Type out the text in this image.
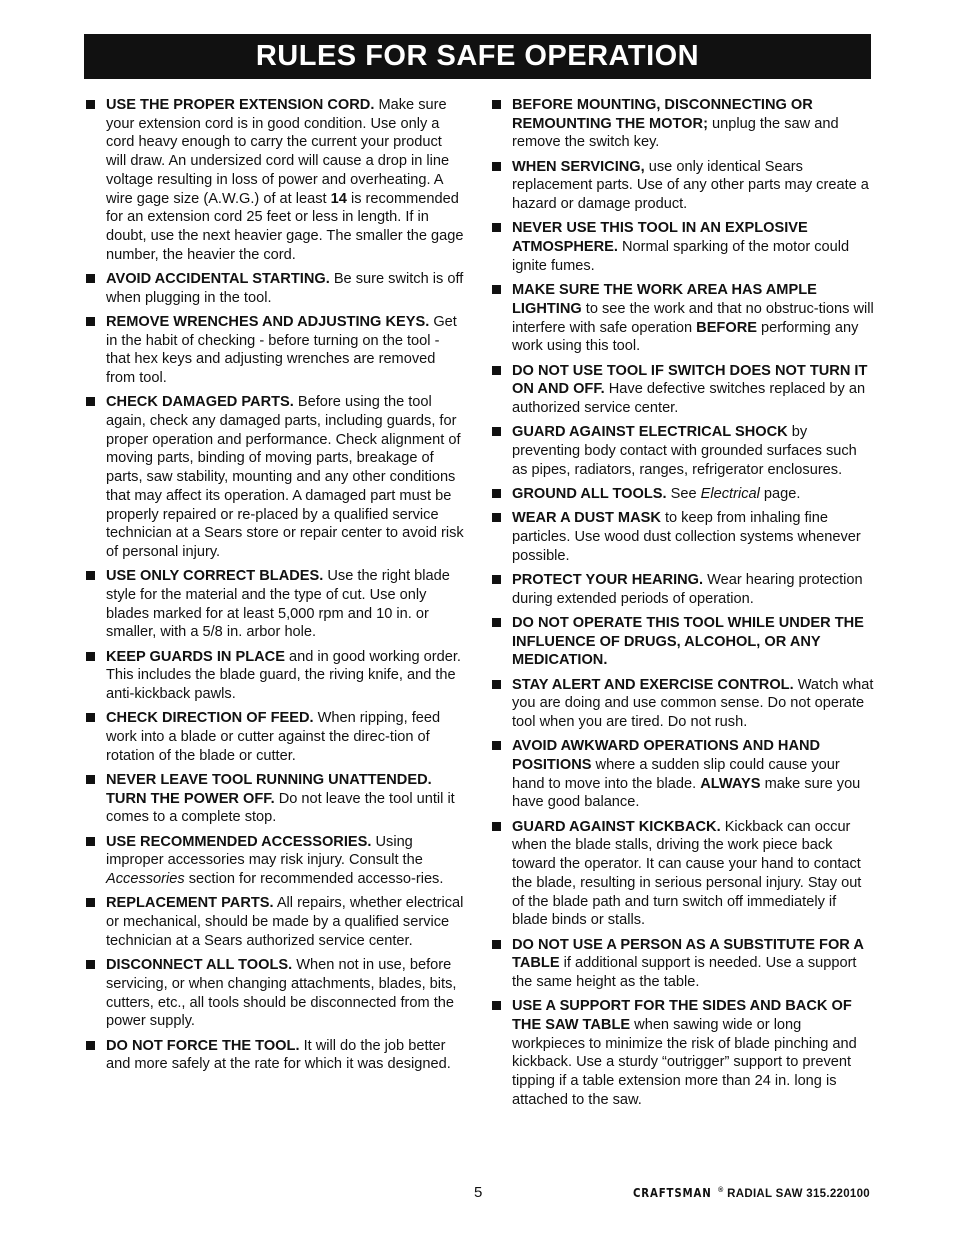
RULES FOR SAFE OPERATION
USE THE PROPER EXTENSION CORD. Make sure your extension cord is in good condition. Use only a cord heavy enough to carry the current your product will draw. An undersized cord will cause a drop in line voltage resulting in loss of power and overheating. A wire gage size (A.W.G.) of at least 14 is recommended for an extension cord 25 feet or less in length. If in doubt, use the next heavier gage. The smaller the gage number, the heavier the cord.
AVOID ACCIDENTAL STARTING. Be sure switch is off when plugging in the tool.
REMOVE WRENCHES AND ADJUSTING KEYS. Get in the habit of checking - before turning on the tool - that hex keys and adjusting wrenches are removed from tool.
CHECK DAMAGED PARTS. Before using the tool again, check any damaged parts, including guards, for proper operation and performance. Check alignment of moving parts, binding of moving parts, breakage of parts, saw stability, mounting and any other conditions that may affect its operation. A damaged part must be properly repaired or re-placed by a qualified service technician at a Sears store or repair center to avoid risk of personal injury.
USE ONLY CORRECT BLADES. Use the right blade style for the material and the type of cut. Use only blades marked for at least 5,000 rpm and 10 in. or smaller, with a 5/8 in. arbor hole.
KEEP GUARDS IN PLACE and in good working order. This includes the blade guard, the riving knife, and the anti-kickback pawls.
CHECK DIRECTION OF FEED. When ripping, feed work into a blade or cutter against the direc-tion of rotation of the blade or cutter.
NEVER LEAVE TOOL RUNNING UNATTENDED. TURN THE POWER OFF. Do not leave the tool until it comes to a complete stop.
USE RECOMMENDED ACCESSORIES. Using improper accessories may risk injury. Consult the Accessories section for recommended accesso-ries.
REPLACEMENT PARTS. All repairs, whether electrical or mechanical, should be made by a qualified service technician at a Sears authorized service center.
DISCONNECT ALL TOOLS. When not in use, before servicing, or when changing attachments, blades, bits, cutters, etc., all tools should be disconnected from the power supply.
DO NOT FORCE THE TOOL. It will do the job better and more safely at the rate for which it was designed.
BEFORE MOUNTING, DISCONNECTING OR REMOUNTING THE MOTOR; unplug the saw and remove the switch key.
WHEN SERVICING, use only identical Sears replacement parts. Use of any other parts may create a hazard or damage product.
NEVER USE THIS TOOL IN AN EXPLOSIVE ATMOSPHERE. Normal sparking of the motor could ignite fumes.
MAKE SURE THE WORK AREA HAS AMPLE LIGHTING to see the work and that no obstruc-tions will interfere with safe operation BEFORE performing any work using this tool.
DO NOT USE TOOL IF SWITCH DOES NOT TURN IT ON AND OFF. Have defective switches replaced by an authorized service center.
GUARD AGAINST ELECTRICAL SHOCK by preventing body contact with grounded surfaces such as pipes, radiators, ranges, refrigerator enclosures.
GROUND ALL TOOLS. See Electrical page.
WEAR A DUST MASK to keep from inhaling fine particles. Use wood dust collection systems whenever possible.
PROTECT YOUR HEARING. Wear hearing protection during extended periods of operation.
DO NOT OPERATE THIS TOOL WHILE UNDER THE INFLUENCE OF DRUGS, ALCOHOL, OR ANY MEDICATION.
STAY ALERT AND EXERCISE CONTROL. Watch what you are doing and use common sense. Do not operate tool when you are tired. Do not rush.
AVOID AWKWARD OPERATIONS AND HAND POSITIONS where a sudden slip could cause your hand to move into the blade. ALWAYS make sure you have good balance.
GUARD AGAINST KICKBACK. Kickback can occur when the blade stalls, driving the work piece back toward the operator. It can cause your hand to contact the blade, resulting in serious personal injury. Stay out of the blade path and turn switch off immediately if blade binds or stalls.
DO NOT USE A PERSON AS A SUBSTITUTE FOR A TABLE if additional support is needed. Use a support the same height as the table.
USE A SUPPORT FOR THE SIDES AND BACK OF THE SAW TABLE when sawing wide or long workpieces to minimize the risk of blade pinching and kickback. Use a sturdy “outrigger” support to prevent tipping if a table extension more than 24 in. long is attached to the saw.
5	CRAFTSMAN ® RADIAL SAW 315.220100
